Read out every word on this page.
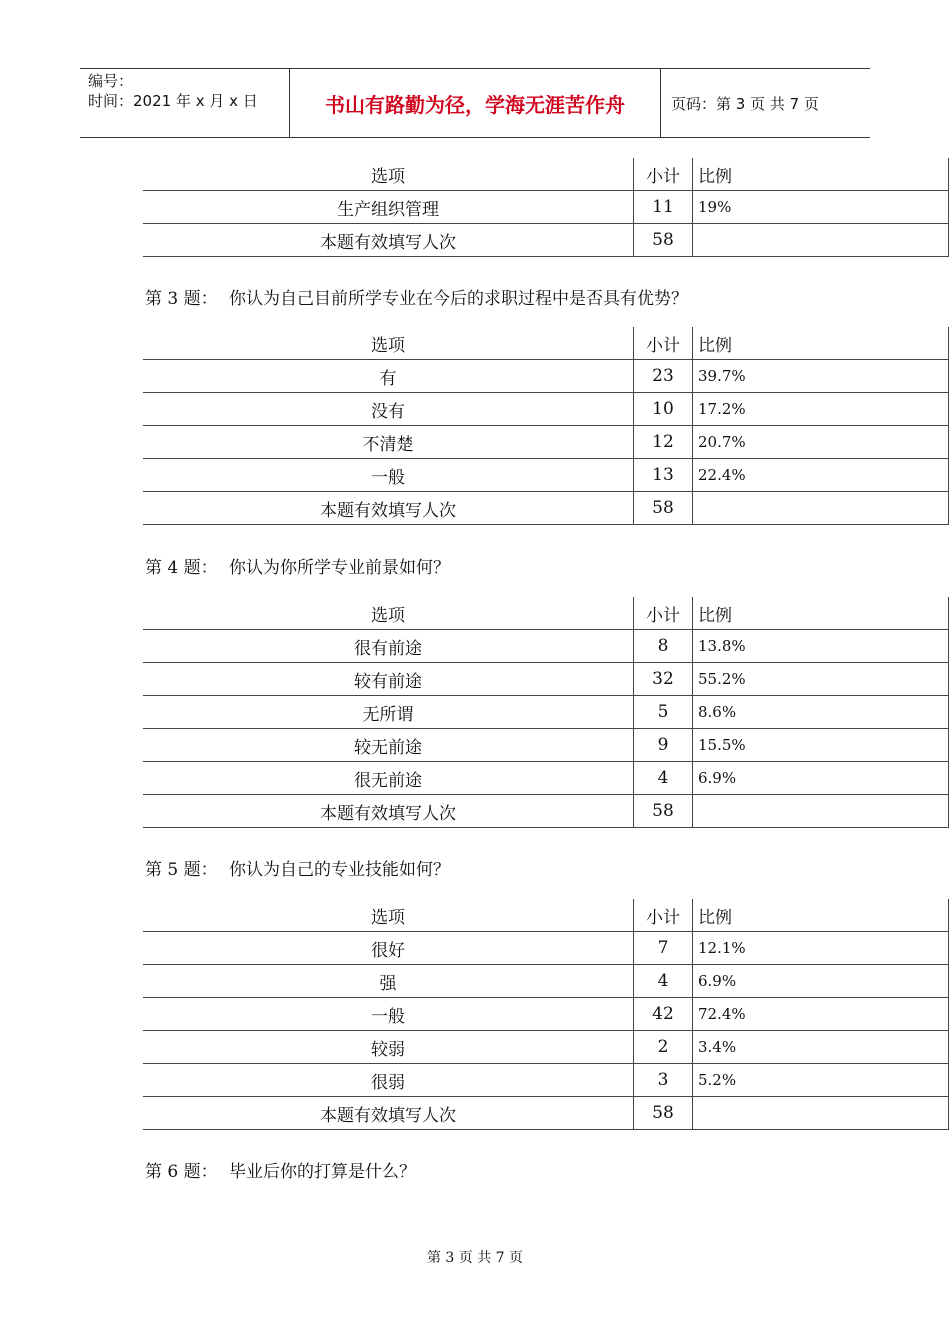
编号：
时间：2021 年 x 月 x 日	书山有路勤为径，学海无涯苦作舟	页码：第 3 页 共 7 页
选项	小计	比例
生产组织管理	11	19%
本题有效填写人次	58	
第 3 题： 你认为自己目前所学专业在今后的求职过程中是否具有优势？
选项	小计	比例
有	23	39.7%
没有	10	17.2%
不清楚	12	20.7%
一般	13	22.4%
本题有效填写人次	58	
第 4 题： 你认为你所学专业前景如何？
选项	小计	比例
很有前途	8	13.8%
较有前途	32	55.2%
无所谓	5	8.6%
较无前途	9	15.5%
很无前途	4	6.9%
本题有效填写人次	58	
第 5 题： 你认为自己的专业技能如何？
选项	小计	比例
很好	7	12.1%
强	4	6.9%
一般	42	72.4%
较弱	2	3.4%
很弱	3	5.2%
本题有效填写人次	58	
第 6 题： 毕业后你的打算是什么？
第 3 页 共 7 页
